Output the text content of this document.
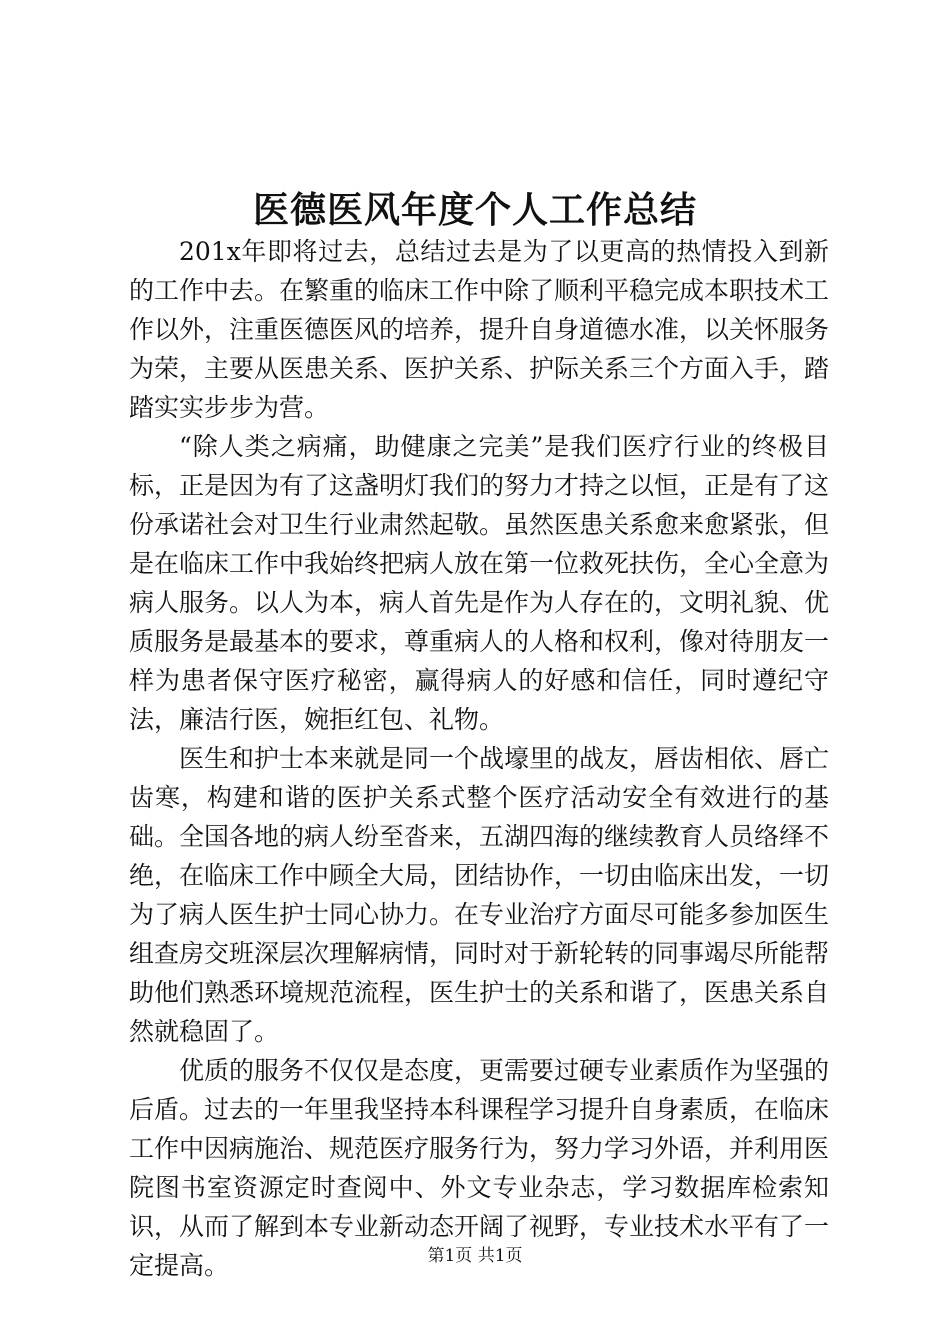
医德医风年度个人工作总结

201x年即将过去，总结过去是为了以更高的热情投入到新的工作中去。在繁重的临床工作中除了顺利平稳完成本职技术工作以外，注重医德医风的培养，提升自身道德水准，以关怀服务为荣，主要从医患关系、医护关系、护际关系三个方面入手，踏踏实实步步为营。

“除人类之病痛，助健康之完美”是我们医疗行业的终极目标，正是因为有了这盏明灯我们的努力才持之以恒，正是有了这份承诺社会对卫生行业肃然起敬。虽然医患关系愈来愈紧张，但是在临床工作中我始终把病人放在第一位救死扶伤，全心全意为病人服务。以人为本，病人首先是作为人存在的，文明礼貌、优质服务是最基本的要求，尊重病人的人格和权利，像对待朋友一样为患者保守医疗秘密，赢得病人的好感和信任，同时遵纪守法，廉洁行医，婉拒红包、礼物。

医生和护士本来就是同一个战壕里的战友，唇齿相依、唇亡齿寒，构建和谐的医护关系式整个医疗活动安全有效进行的基础。全国各地的病人纷至沓来，五湖四海的继续教育人员络绎不绝，在临床工作中顾全大局，团结协作，一切由临床出发，一切为了病人医生护士同心协力。在专业治疗方面尽可能多参加医生组查房交班深层次理解病情，同时对于新轮转的同事竭尽所能帮助他们熟悉环境规范流程，医生护士的关系和谐了，医患关系自然就稳固了。

优质的服务不仅仅是态度，更需要过硬专业素质作为坚强的后盾。过去的一年里我坚持本科课程学习提升自身素质，在临床工作中因病施治、规范医疗服务行为，努力学习外语，并利用医院图书室资源定时查阅中、外文专业杂志，学习数据库检索知识，从而了解到本专业新动态开阔了视野，专业技术水平有了一定提高。	第1页 共1页
